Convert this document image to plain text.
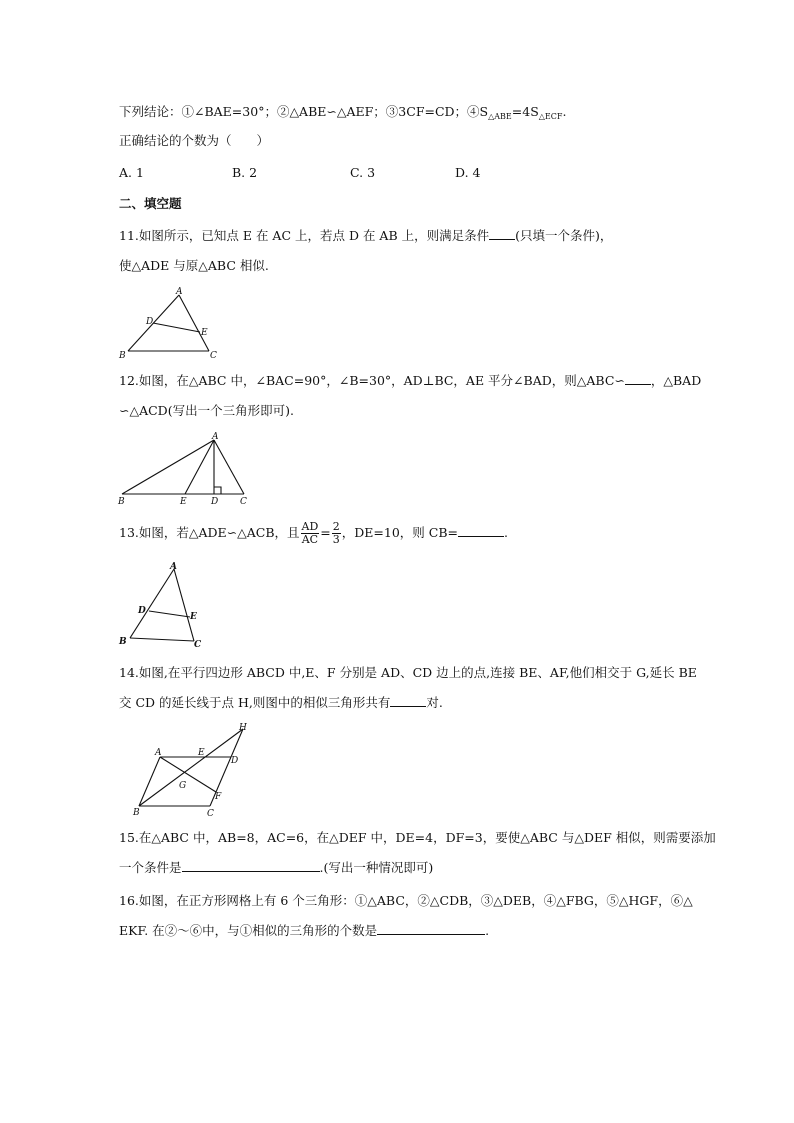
下列结论：①∠BAE=30°；②△ABE∽△AEF；③3CF=CD；$④S_{\triangle ABE}=4S_{\triangle ECF}$.
正确结论的个数为（　　）
A. 1	B. 2	C. 3	D. 4
二、填空题
11.如图所示，已知点 E 在 AC 上，若点 D 在 AB 上，则满足条件 (只填一个条件)，
使△ADE 与原△ABC 相似.
A
D
E
B	C
12.如图，在△ABC 中，∠BAC=90°，∠B=30°，AD⊥BC，AE 平分∠BAD，则△ABC∽ ，△BAD
∽△ACD(写出一个三角形即可).
A
B	E	D C
13.如图，若△ADE∽△ACB，且 $\frac{AD}{AC} = \frac{2}{3}$ ，DE=10，则 CB=	.
A
D
E
B	C
14.如图,在平行四边形 ABCD 中,E、F 分别是 AD、CD 边上的点,连接 BE、AF,他们相交于 G,延长 BE
交 CD 的延长线于点 H,则图中的相似三角形共有	对.
H
A	E
D
G
F
B	C
15.在△ABC 中，AB=8，AC=6，在△DEF 中，DE=4，DF=3，要使△ABC 与△DEF 相似，则需要添加
一个条件是	.(写出一种情况即可)
16.如图，在正方形网格上有 6 个三角形：①△ABC，②△CDB，③△DEB，④△FBG，⑤△HGF，⑥△
EKF. 在②～⑥中，与①相似的三角形的个数是	.
